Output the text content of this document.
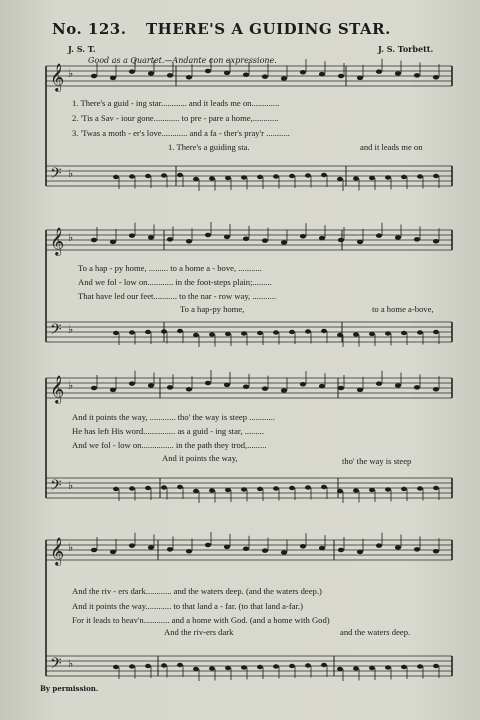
𝄞 ♭
𝄢 ♭
𝄞 ♭
𝄢 ♭
𝄞 ♭
𝄢 ♭
𝄞 ♭
𝄢 ♭
No. 123. THERE'S A GUIDING STAR.
J. S. T.	J. S. Torbett.
Good as a Quartet.—Andante con expressione.
1. There's a guid - ing star............ and it leads me on.............
2. 'Tis a Sav - iour gone............ to pre - pare a home,............
3. 'Twas a moth - er's love............ and a fa - ther's pray'r ...........
1. There's a guiding sta.	and it leads me on
To a hap - py home, ......... to a home a - bove, ...........
And we fol - low on............ in the foot-steps plain;.........
That have led our feet........... to the nar - row way, ...........
To a hap-py home,	to a home a-bove,
And it points the way, ............ tho' the way is steep ............
He has left His word............... as a guid - ing star, .........
And we fol - low on............... in the path they trod,.........
And it points the way,	tho' the way is steep
And the riv - ers dark............ and the waters deep. (and the waters deep.)
And it points the way............ to that land a - far. (to that land a-far.)
For it leads to heav'n............ and a home with God. (and a home with God)
And the riv-ers dark	and the waters deep.
By permission.
